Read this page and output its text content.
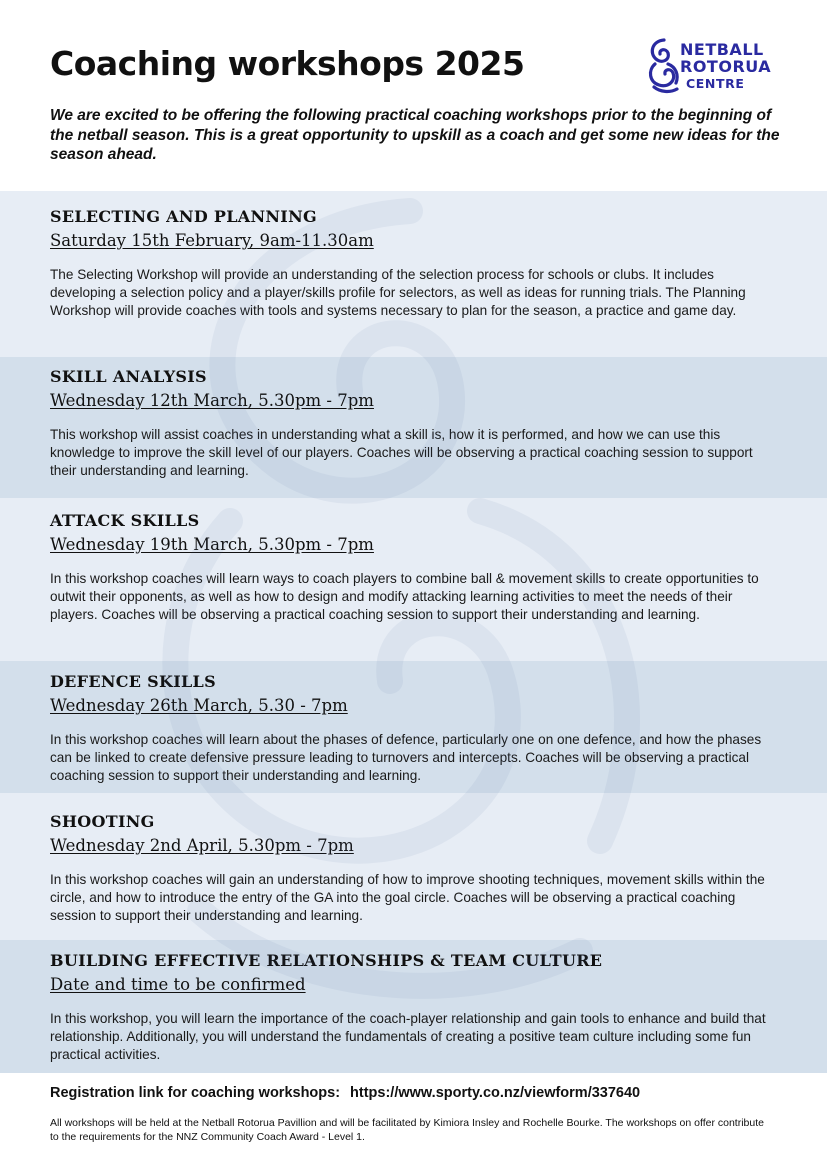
Coaching workshops 2025	NETBALL
ROTORUA
CENTRE

We are excited to be offering the following practical coaching workshops prior to the beginning of the netball season. This is a great opportunity to upskill as a coach and get some new ideas for the season ahead.

SELECTING AND PLANNING

Saturday 15th February, 9am-11.30am

The Selecting Workshop will provide an understanding of the selection process for schools or clubs. It includes developing a selection policy and a player/skills profile for selectors, as well as ideas for running trials. The Planning Workshop will provide coaches with tools and systems necessary to plan for the season, a practice and game day.

SKILL ANALYSIS

Wednesday 12th March, 5.30pm - 7pm

This workshop will assist coaches in understanding what a skill is, how it is performed, and how we can use this knowledge to improve the skill level of our players. Coaches will be observing a practical coaching session to support their understanding and learning.

ATTACK SKILLS

Wednesday 19th March, 5.30pm - 7pm

In this workshop coaches will learn ways to coach players to combine ball & movement skills to create opportunities to outwit their opponents, as well as how to design and modify attacking learning activities to meet the needs of their players. Coaches will be observing a practical coaching session to support their understanding and learning.

DEFENCE SKILLS

Wednesday 26th March, 5.30 - 7pm

In this workshop coaches will learn about the phases of defence, particularly one on one defence, and how the phases can be linked to create defensive pressure leading to turnovers and intercepts. Coaches will be observing a practical coaching session to support their understanding and learning.

SHOOTING

Wednesday 2nd April, 5.30pm - 7pm

In this workshop coaches will gain an understanding of how to improve shooting techniques, movement skills within the circle, and how to introduce the entry of the GA into the goal circle. Coaches will be observing a practical coaching session to support their understanding and learning.

BUILDING EFFECTIVE RELATIONSHIPS & TEAM CULTURE

Date and time to be confirmed

In this workshop, you will learn the importance of the coach-player relationship and gain tools to enhance and build that relationship. Additionally, you will understand the fundamentals of creating a positive team culture including some fun practical activities.

Registration link for coaching workshops: https://www.sporty.co.nz/viewform/337640

All workshops will be held at the Netball Rotorua Pavillion and will be facilitated by Kimiora Insley and Rochelle Bourke. The workshops on offer contribute to the requirements for the NNZ Community Coach Award - Level 1.
